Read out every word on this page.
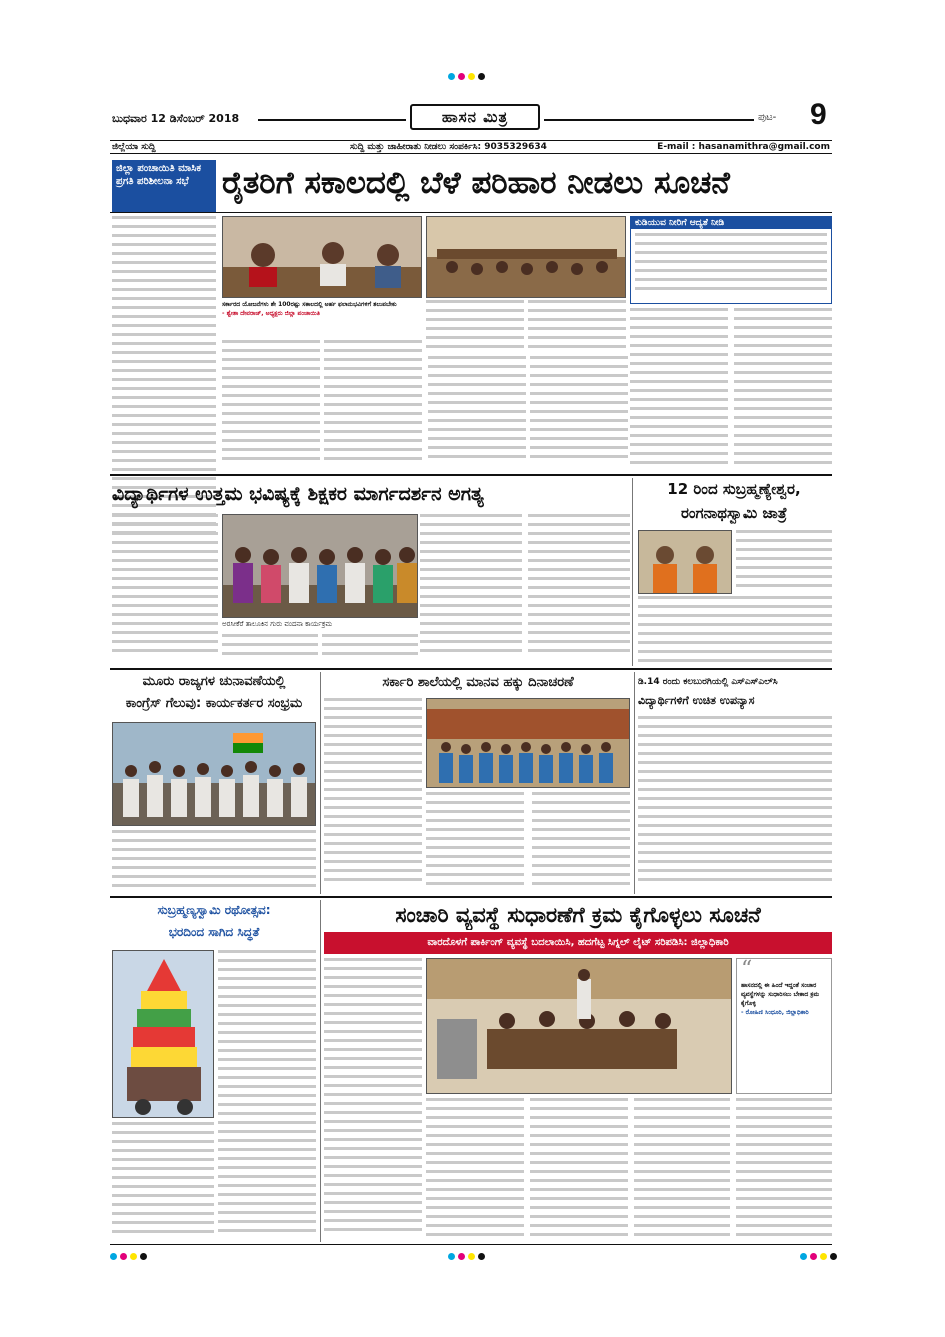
ಬುಧವಾರ 12 ಡಿಸೆಂಬರ್ 2018	ಹಾಸನ ಮಿತ್ರ	ಪುಟ- 9
ಜಿಲ್ಲೆಯಾ ಸುದ್ದಿ	ಸುದ್ದಿ ಮತ್ತು ಜಾಹೀರಾತು ನೀಡಲು ಸಂಪರ್ಕಿಸಿ: 9035329634	E-mail : hasanamithra@gmail.com
ಜಿಲ್ಲಾ ಪಂಚಾಯಿತಿ ಮಾಸಿಕ ಪ್ರಗತಿ ಪರಿಶೀಲನಾ ಸಭೆ	ರೈತರಿಗೆ ಸಕಾಲದಲ್ಲಿ ಬೆಳೆ ಪರಿಹಾರ ನೀಡಲು ಸೂಚನೆ
ಸರ್ಕಾರದ ಯೋಜನೆಗಳು ಶೇ 100ರಷ್ಟು ಸಕಾಲದಲ್ಲಿ ಅರ್ಹ ಫಲಾನುಭವಿಗಳಿಗೆ ತಲುಪಬೇಕು
- ಶ್ವೇತಾ ದೇವರಾಜ್, ಅಧ್ಯಕ್ಷರು ಜಿಲ್ಲಾ ಪಂಚಾಯಿತಿ
ಕುಡಿಯುವ ನೀರಿಗೆ ಆದ್ಯತೆ ನೀಡಿ
ವಿದ್ಯಾರ್ಥಿಗಳ ಉತ್ತಮ ಭವಿಷ್ಯಕ್ಕೆ ಶಿಕ್ಷಕರ ಮಾರ್ಗದರ್ಶನ ಅಗತ್ಯ
ಅರಸೀಕೆರೆ ತಾಲೂಕಿನ ಗುರು ವಂದನಾ ಕಾರ್ಯಕ್ರಮ
12 ರಿಂದ ಸುಬ್ರಹ್ಮಣ್ಯೇಶ್ವರ,
ರಂಗನಾಥಸ್ವಾಮಿ ಜಾತ್ರೆ
ಮೂರು ರಾಜ್ಯಗಳ ಚುನಾವಣೆಯಲ್ಲಿ
ಕಾಂಗ್ರೆಸ್ ಗೆಲುವು: ಕಾರ್ಯಕರ್ತರ ಸಂಭ್ರಮ
ಸರ್ಕಾರಿ ಶಾಲೆಯಲ್ಲಿ ಮಾನವ ಹಕ್ಕು ದಿನಾಚರಣೆ	ಡಿ.14 ರಂದು ಕಲಬುರಗಿಯಲ್ಲಿ ಎಸ್‌ಎಸ್‌ಎಲ್‌ಸಿ
ವಿದ್ಯಾರ್ಥಿಗಳಿಗೆ ಉಚಿತ ಉಪನ್ಯಾಸ
ಸುಬ್ರಹ್ಮಣ್ಯಸ್ವಾಮಿ ರಥೋತ್ಸವ:
ಭರದಿಂದ ಸಾಗಿದ ಸಿದ್ಧತೆ
ಸಂಚಾರಿ ವ್ಯವಸ್ಥೆ ಸುಧಾರಣೆಗೆ ಕ್ರಮ ಕೈಗೊಳ್ಳಲು ಸೂಚನೆ
ವಾರದೊಳಗೆ ಪಾರ್ಕಿಂಗ್ ವ್ಯವಸ್ಥೆ ಬದಲಾಯಿಸಿ, ಹದಗೆಟ್ಟ ಸಿಗ್ನಲ್ ಲೈಟ್ ಸರಿಪಡಿಸಿ: ಜಿಲ್ಲಾಧಿಕಾರಿ
“
ಹಾಸನದಲ್ಲಿ ಈ ಹಿಂದೆ ಇದ್ದಂತೆ ಸಂಚಾರ ವ್ಯವಸ್ಥೆಗಳನ್ನು ಸುಧಾರಿಸಲು ಬೇಕಾದ ಕ್ರಮ ಕೈಗೊಳ್ಳಿ
- ರೋಹಿಣಿ ಸಿಂಧೂರಿ, ಜಿಲ್ಲಾಧಿಕಾರಿ
